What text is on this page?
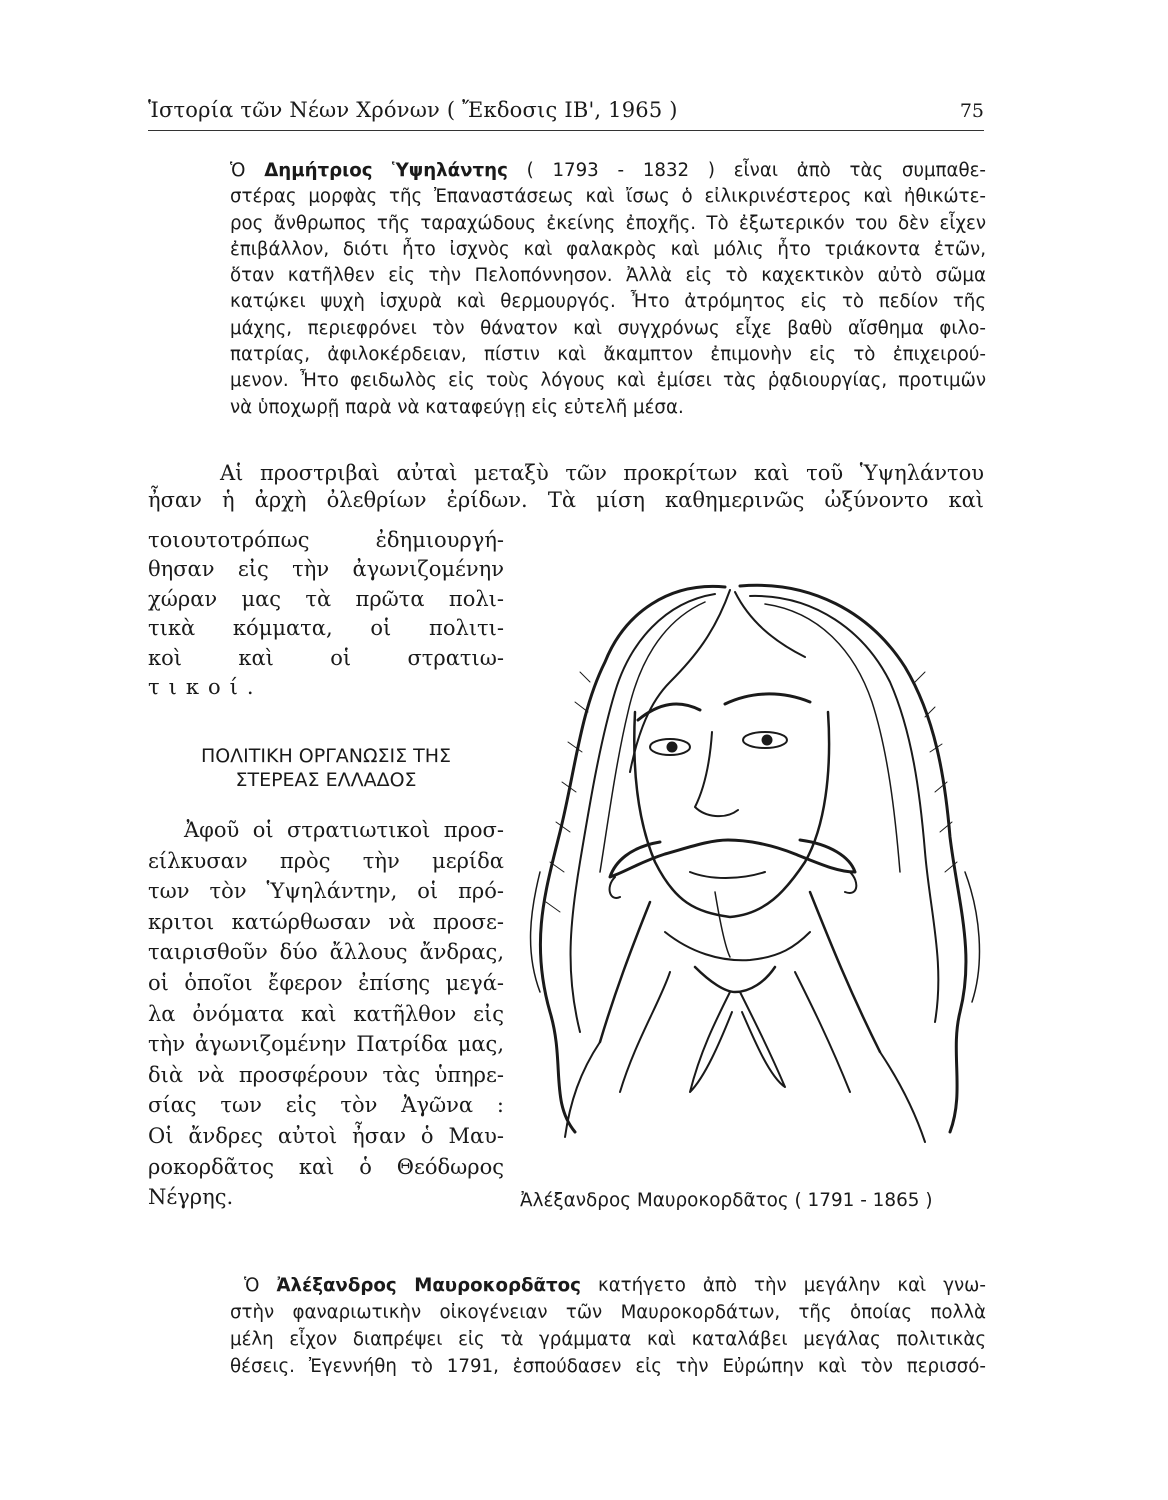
Ἱστορία τῶν Νέων Χρόνων ( Ἔκδοσις ΙΒ', 1965 )	75
Ὁ Δημήτριος Ὑψηλάντης ( 1793 - 1832 ) εἶναι ἀπὸ τὰς συμπαθε-
στέρας μορφὰς τῆς Ἐπαναστάσεως καὶ ἴσως ὁ εἰλικρινέστερος καὶ ἠθικώτε-
ρος ἄνθρωπος τῆς ταραχώδους ἐκείνης ἐποχῆς. Τὸ ἐξωτερικόν του δὲν εἶχεν
ἐπιβάλλον, διότι ἦτο ἰσχνὸς καὶ φαλακρὸς καὶ μόλις ἦτο τριάκοντα ἐτῶν,
ὅταν κατῆλθεν εἰς τὴν Πελοπόννησον. Ἀλλὰ εἰς τὸ καχεκτικὸν αὐτὸ σῶμα
κατῴκει ψυχὴ ἰσχυρὰ καὶ θερμουργός. Ἦτο ἀτρόμητος εἰς τὸ πεδίον τῆς
μάχης, περιεφρόνει τὸν θάνατον καὶ συγχρόνως εἶχε βαθὺ αἴσθημα φιλο-
πατρίας, ἀφιλοκέρδειαν, πίστιν καὶ ἄκαμπτον ἐπιμονὴν εἰς τὸ ἐπιχειρού-
μενον. Ἦτο φειδωλὸς εἰς τοὺς λόγους καὶ ἐμίσει τὰς ῥᾳδιουργίας, προτιμῶν
νὰ ὑποχωρῇ παρὰ νὰ καταφεύγῃ εἰς εὐτελῆ μέσα.
Αἱ προστριβαὶ αὐταὶ μεταξὺ τῶν προκρίτων καὶ τοῦ Ὑψηλάντου
ἦσαν ἡ ἀρχὴ ὀλεθρίων ἐρίδων. Τὰ μίση καθημερινῶς ὠξύνοντο καὶ
τοιουτοτρόπως ἐδημιουργή-
θησαν εἰς τὴν ἀγωνιζομένην
χώραν μας τὰ πρῶτα πολι-
τικὰ κόμματα, οἱ πολιτι-
κοὶ καὶ οἱ στρατιω-
τικοί.
ΠΟΛΙΤΙΚΗ ΟΡΓΑΝΩΣΙΣ ΤΗΣ
ΣΤΕΡΕΑΣ ΕΛΛΑΔΟΣ
Ἀφοῦ οἱ στρατιωτικοὶ προσ-
είλκυσαν πρὸς τὴν μερίδα
των τὸν Ὑψηλάντην, οἱ πρό-
κριτοι κατώρθωσαν νὰ προσε-
ταιρισθοῦν δύο ἄλλους ἄνδρας,
οἱ ὁποῖοι ἔφερον ἐπίσης μεγά-
λα ὀνόματα καὶ κατῆλθον εἰς
τὴν ἀγωνιζομένην Πατρίδα μας,
διὰ νὰ προσφέρουν τὰς ὑπηρε-
σίας των εἰς τὸν Ἀγῶνα :
Οἱ ἄνδρες αὐτοὶ ἦσαν ὁ Μαυ-
ροκορδᾶτος καὶ ὁ Θεόδωρος
Νέγρης.	Ἀλέξανδρος Μαυροκορδᾶτος ( 1791 - 1865 )
Ὁ Ἀλέξανδρος Μαυροκορδᾶτος κατήγετο ἀπὸ τὴν μεγάλην καὶ γνω-
στὴν φαναριωτικὴν οἰκογένειαν τῶν Μαυροκορδάτων, τῆς ὁποίας πολλὰ
μέλη εἶχον διαπρέψει εἰς τὰ γράμματα καὶ καταλάβει μεγάλας πολιτικὰς
θέσεις. Ἐγεννήθη τὸ 1791, ἐσπούδασεν εἰς τὴν Εὐρώπην καὶ τὸν περισσό-
